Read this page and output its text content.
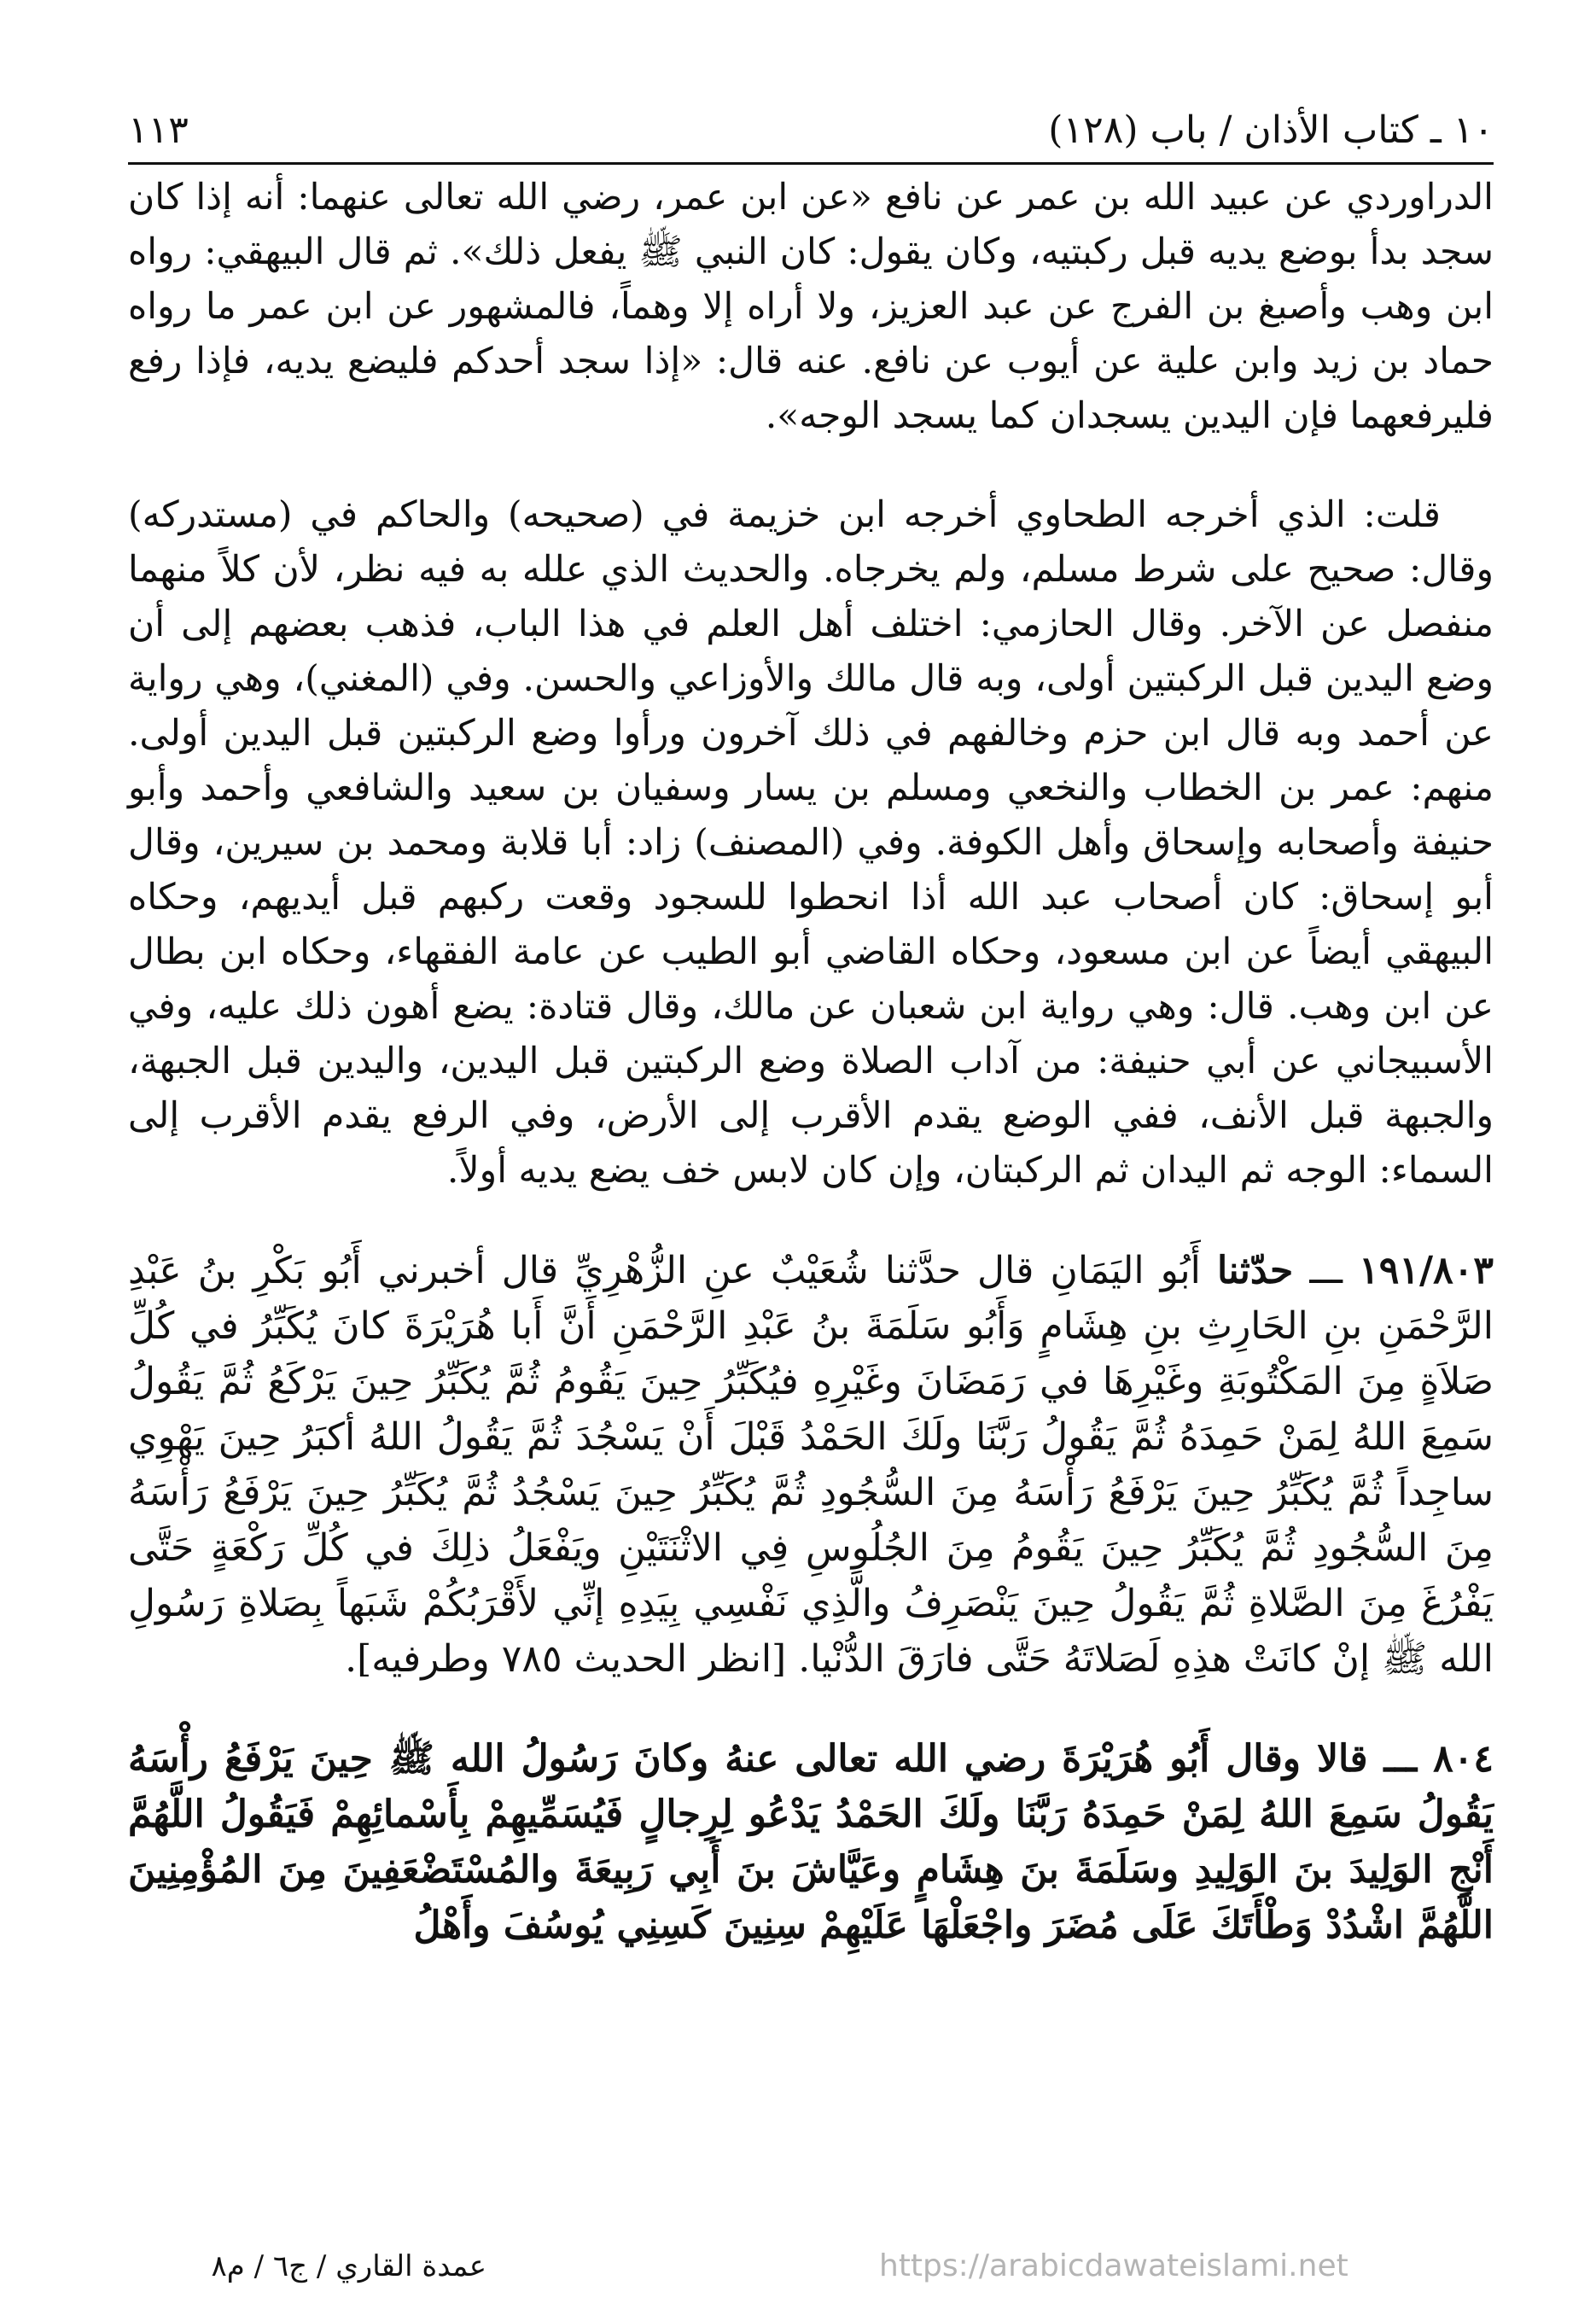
١٠ ـ كتاب الأذان / باب (١٢٨)
١١٣

الدراوردي عن عبيد الله بن عمر عن نافع «عن ابن عمر، رضي الله تعالى عنهما: أنه إذا كان سجد بدأ بوضع يديه قبل ركبتيه، وكان يقول: كان النبي ﷺ يفعل ذلك». ثم قال البيهقي: رواه ابن وهب وأصبغ بن الفرج عن عبد العزيز، ولا أراه إلا وهماً، فالمشهور عن ابن عمر ما رواه حماد بن زيد وابن علية عن أيوب عن نافع. عنه قال: «إذا سجد أحدكم فليضع يديه، فإذا رفع فليرفعهما فإن اليدين يسجدان كما يسجد الوجه».

قلت: الذي أخرجه الطحاوي أخرجه ابن خزيمة في (صحيحه) والحاكم في (مستدركه) وقال: صحيح على شرط مسلم، ولم يخرجاه. والحديث الذي علله به فيه نظر، لأن كلاً منهما منفصل عن الآخر. وقال الحازمي: اختلف أهل العلم في هذا الباب، فذهب بعضهم إلى أن وضع اليدين قبل الركبتين أولى، وبه قال مالك والأوزاعي والحسن. وفي (المغني)، وهي رواية عن أحمد وبه قال ابن حزم وخالفهم في ذلك آخرون ورأوا وضع الركبتين قبل اليدين أولى. منهم: عمر بن الخطاب والنخعي ومسلم بن يسار وسفيان بن سعيد والشافعي وأحمد وأبو حنيفة وأصحابه وإسحاق وأهل الكوفة. وفي (المصنف) زاد: أبا قلابة ومحمد بن سيرين، وقال أبو إسحاق: كان أصحاب عبد الله أذا انحطوا للسجود وقعت ركبهم قبل أيديهم، وحكاه البيهقي أيضاً عن ابن مسعود، وحكاه القاضي أبو الطيب عن عامة الفقهاء، وحكاه ابن بطال عن ابن وهب. قال: وهي رواية ابن شعبان عن مالك، وقال قتادة: يضع أهون ذلك عليه، وفي الأسبيجاني عن أبي حنيفة: من آداب الصلاة وضع الركبتين قبل اليدين، واليدين قبل الجبهة، والجبهة قبل الأنف، ففي الوضع يقدم الأقرب إلى الأرض، وفي الرفع يقدم الأقرب إلى السماء: الوجه ثم اليدان ثم الركبتان، وإن كان لابس خف يضع يديه أولاً.

١٩١/٨٠٣ ـــ حدّثنا أَبُو اليَمَانِ قال حدَّثنا شُعَيْبٌ عنِ الزُّهْرِيِّ قال أخبرني أَبُو بَكْرِ بنُ عَبْدِ الرَّحْمَنِ بنِ الحَارِثِ بنِ هِشَامٍ وَأَبُو سَلَمَةَ بنُ عَبْدِ الرَّحْمَنِ أَنَّ أَبا هُرَيْرَةَ كانَ يُكَبِّرُ في كُلِّ صَلاَةٍ مِنَ المَكْتُوبَةِ وغَيْرِهَا في رَمَضَانَ وغَيْرِهِ فيُكَبِّرُ حِينَ يَقُومُ ثُمَّ يُكَبِّرُ حِينَ يَرْكَعُ ثُمَّ يَقُولُ سَمِعَ اللهُ لِمَنْ حَمِدَهُ ثُمَّ يَقُولُ رَبَّنَا ولَكَ الحَمْدُ قَبْلَ أَنْ يَسْجُدَ ثُمَّ يَقُولُ اللهُ أكبَرُ حِينَ يَهْوِي ساجِداً ثُمَّ يُكَبِّرُ حِينَ يَرْفَعُ رَأْسَهُ مِنَ السُّجُودِ ثُمَّ يُكَبِّرُ حِينَ يَسْجُدُ ثُمَّ يُكَبِّرُ حِينَ يَرْفَعُ رَأْسَهُ مِنَ السُّجُودِ ثُمَّ يُكَبِّرُ حِينَ يَقُومُ مِنَ الجُلُوسِ فِي الاثْنَتَيْنِ ويَفْعَلُ ذلِكَ في كُلِّ رَكْعَةٍ حَتَّى يَفْرُغَ مِنَ الصَّلاةِ ثُمَّ يَقُولُ حِينَ يَنْصَرِفُ والَّذِي نَفْسِي بِيَدِهِ إنِّي لأَقْرَبُكُمْ شَبَهاً بِصَلاةِ رَسُولِ الله ﷺ إنْ كانَتْ هذِهِ لَصَلاتَهُ حَتَّى فارَقَ الدُّنْيا. [انظر الحديث ٧٨٥ وطرفيه].

٨٠٤ ـــ قالا وقال أَبُو هُرَيْرَةَ رضي الله تعالى عنهُ وكانَ رَسُولُ الله ﷺ حِينَ يَرْفَعُ رأْسَهُ يَقُولُ سَمِعَ اللهُ لِمَنْ حَمِدَهُ رَبَّنَا ولَكَ الحَمْدُ يَدْعُو لِرِجالٍ فَيُسَمِّيهِمْ بِأَسْمائِهِمْ فَيَقُولُ اللَّهُمَّ أَنْجِ الوَلِيدَ بنَ الوَلِيدِ وسَلَمَةَ بنَ هِشَامٍ وعَيَّاشَ بنَ أَبِي رَبِيعَةَ والمُسْتَضْعَفِينَ مِنَ المُؤْمِنِينَ اللَّهُمَّ اشْدُدْ وَطْأَتَكَ عَلَى مُضَرَ واجْعَلْهَا عَلَيْهِمْ سِنِينَ كَسِنِي يُوسُفَ وأَهْلُ

عمدة القاري / ج٦ / م٨	https://arabicdawateislami.net
